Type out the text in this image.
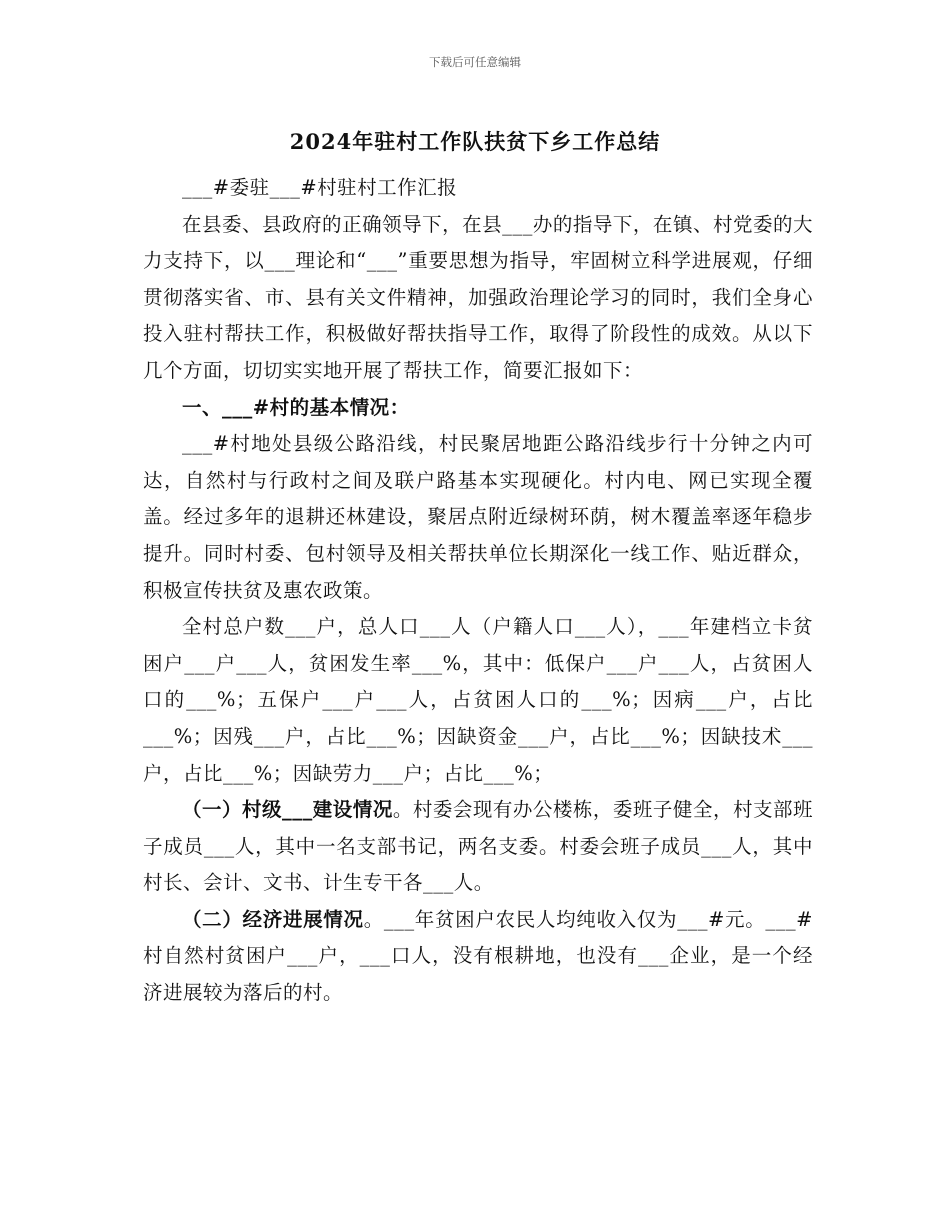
下载后可任意编辑
2024年驻村工作队扶贫下乡工作总结

___#委驻___#村驻村工作汇报

在县委、县政府的正确领导下，在县___办的指导下，在镇、村党委的大力支持下，以___理论和“___”重要思想为指导，牢固树立科学进展观，仔细贯彻落实省、市、县有关文件精神，加强政治理论学习的同时，我们全身心投入驻村帮扶工作，积极做好帮扶指导工作，取得了阶段性的成效。从以下几个方面，切切实实地开展了帮扶工作，简要汇报如下：

一、___#村的基本情况：

___#村地处县级公路沿线，村民聚居地距公路沿线步行十分钟之内可达，自然村与行政村之间及联户路基本实现硬化。村内电、网已实现全覆盖。经过多年的退耕还林建设，聚居点附近绿树环荫，树木覆盖率逐年稳步提升。同时村委、包村领导及相关帮扶单位长期深化一线工作、贴近群众，积极宣传扶贫及惠农政策。

全村总户数___户，总人口___人（户籍人口___人），___年建档立卡贫困户___户___人，贫困发生率___%，其中：低保户___户___人，占贫困人口的___%；五保户___户___人，占贫困人口的___%；因病___户，占比___%；因残___户，占比___%；因缺资金___户，占比___%；因缺技术___户，占比___%；因缺劳力___户；占比___%；

（一）村级___建设情况。村委会现有办公楼栋，委班子健全，村支部班子成员___人，其中一名支部书记，两名支委。村委会班子成员___人，其中村长、会计、文书、计生专干各___人。

（二）经济进展情况。___年贫困户农民人均纯收入仅为___#元。___#村自然村贫困户___户，___口人，没有根耕地，也没有___企业，是一个经济进展较为落后的村。
